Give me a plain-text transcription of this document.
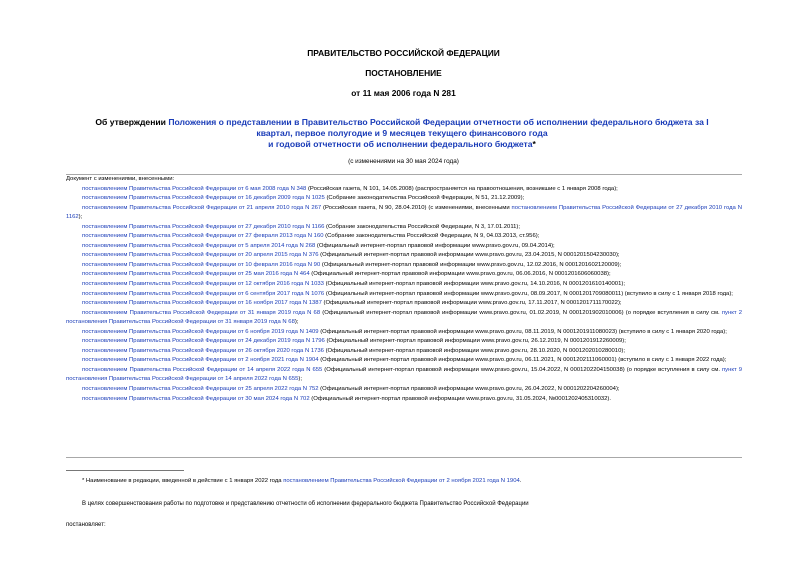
ПРАВИТЕЛЬСТВО РОССИЙСКОЙ ФЕДЕРАЦИИ
ПОСТАНОВЛЕНИЕ
от 11 мая 2006 года N 281
Об утверждении Положения о представлении в Правительство Российской Федерации отчетности об исполнении федерального бюджета за I квартал, первое полугодие и 9 месяцев текущего финансового года
и годовой отчетности об исполнении федерального бюджета*
(с изменениями на 30 мая 2024 года)
Документ с изменениями, внесенными:
постановлением Правительства Российской Федерации от 6 мая 2008 года N 348 (Российская газета, N 101, 14.05.2008) (распространяется на правоотношения, возникшие с 1 января 2008 года);
постановлением Правительства Российской Федерации от 16 декабря 2009 года N 1025 (Собрание законодательства Российской Федерации, N 51, 21.12.2009);
постановлением Правительства Российской Федерации от 21 апреля 2010 года N 267 (Российская газета, N 90, 28.04.2010) (с изменениями, внесенными постановлением Правительства Российской Федерации от 27 декабря 2010 года N 1162);
постановлением Правительства Российской Федерации от 27 декабря 2010 года N 1166 (Собрание законодательства Российской Федерации, N 3, 17.01.2011);
постановлением Правительства Российской Федерации от 27 февраля 2013 года N 160 (Собрание законодательства Российской Федерации, N 9, 04.03.2013, ст.956);
постановлением Правительства Российской Федерации от 5 апреля 2014 года N 268 (Официальный интернет-портал правовой информации www.pravo.gov.ru, 09.04.2014);
постановлением Правительства Российской Федерации от 20 апреля 2015 года N 376 (Официальный интернет-портал правовой информации www.pravo.gov.ru, 23.04.2015, N 0001201504230030);
постановлением Правительства Российской Федерации от 10 февраля 2016 года N 90 (Официальный интернет-портал правовой информации www.pravo.gov.ru, 12.02.2016, N 0001201602120009);
постановлением Правительства Российской Федерации от 25 мая 2016 года N 464 (Официальный интернет-портал правовой информации www.pravo.gov.ru, 06.06.2016, N 0001201606060038);
постановлением Правительства Российской Федерации от 12 октября 2016 года N 1033 (Официальный интернет-портал правовой информации www.pravo.gov.ru, 14.10.2016, N 0001201610140001);
постановлением Правительства Российской Федерации от 6 сентября 2017 года N 1076 (Официальный интернет-портал правовой информации www.pravo.gov.ru, 08.09.2017, N 0001201709080011) (вступило в силу с 1 января 2018 года);
постановлением Правительства Российской Федерации от 16 ноября 2017 года N 1387 (Официальный интернет-портал правовой информации www.pravo.gov.ru, 17.11.2017, N 0001201711170022);
постановлением Правительства Российской Федерации от 31 января 2019 года N 68 (Официальный интернет-портал правовой информации www.pravo.gov.ru, 01.02.2019, N 0001201902010006) (о порядке вступления в силу см. пункт 2 постановления Правительства Российской Федерации от 31 января 2019 года N 68);
постановлением Правительства Российской Федерации от 6 ноября 2019 года N 1409 (Официальный интернет-портал правовой информации www.pravo.gov.ru, 08.11.2019, N 0001201911080023) (вступило в силу с 1 января 2020 года);
постановлением Правительства Российской Федерации от 24 декабря 2019 года N 1796 (Официальный интернет-портал правовой информации www.pravo.gov.ru, 26.12.2019, N 0001201912260009);
постановлением Правительства Российской Федерации от 26 октября 2020 года N 1736 (Официальный интернет-портал правовой информации www.pravo.gov.ru, 28.10.2020, N 0001202010280010);
постановлением Правительства Российской Федерации от 2 ноября 2021 года N 1904 (Официальный интернет-портал правовой информации www.pravo.gov.ru, 06.11.2021, N 0001202111060001) (вступило в силу с 1 января 2022 года);
постановлением Правительства Российской Федерации от 14 апреля 2022 года N 655 (Официальный интернет-портал правовой информации www.pravo.gov.ru, 15.04.2022, N 0001202204150038) (о порядке вступления в силу см. пункт 9 постановления Правительства Российской Федерации от 14 апреля 2022 года N 655);
постановлением Правительства Российской Федерации от 25 апреля 2022 года N 752 (Официальный интернет-портал правовой информации www.pravo.gov.ru, 26.04.2022, N 0001202204260004);
постановлением Правительства Российской Федерации от 30 мая 2024 года N 702 (Официальный интернет-портал правовой информации www.pravo.gov.ru, 31.05.2024, №0001202405310032).
* Наименование в редакции, введенной в действие с 1 января 2022 года постановлением Правительства Российской Федерации от 2 ноября 2021 года N 1904.
В целях совершенствования работы по подготовке и представлению отчетности об исполнении федерального бюджета Правительство Российской Федерации
постановляет:
